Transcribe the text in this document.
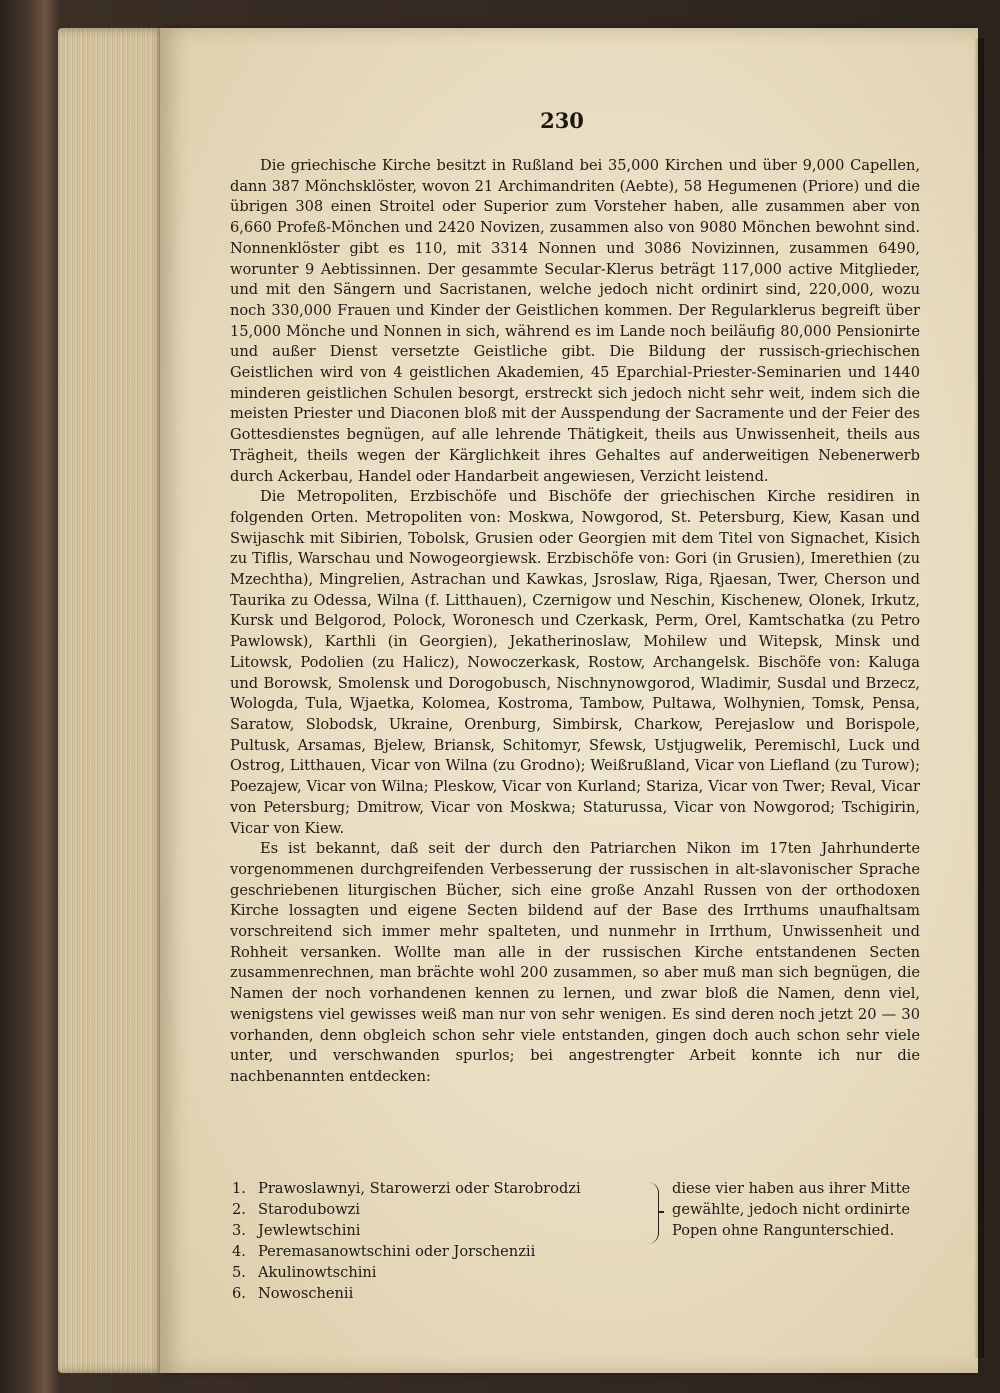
230

Die griechische Kirche besitzt in Rußland bei 35,000 Kirchen und über 9,000 Capellen, dann 387 Mönchsklöster, wovon 21 Archimandriten (Aebte), 58 Hegumenen (Priore) und die übrigen 308 einen Stroitel oder Superior zum Vorsteher haben, alle zusammen aber von 6,660 Profeß-Mönchen und 2420 Novizen, zusammen also von 9080 Mönchen bewohnt sind. Nonnenklöster gibt es 110, mit 3314 Nonnen und 3086 Novizinnen, zusammen 6490, worunter 9 Aebtissinnen. Der gesammte Secular-Klerus beträgt 117,000 active Mitglieder, und mit den Sängern und Sacristanen, welche jedoch nicht ordinirt sind, 220,000, wozu noch 330,000 Frauen und Kinder der Geistlichen kommen. Der Regularklerus begreift über 15,000 Mönche und Nonnen in sich, während es im Lande noch beiläufig 80,000 Pensionirte und außer Dienst versetzte Geistliche gibt. Die Bildung der russisch-griechischen Geistlichen wird von 4 geistlichen Akademien, 45 Eparchial-Priester-Seminarien und 1440 minderen geistlichen Schulen besorgt, erstreckt sich jedoch nicht sehr weit, indem sich die meisten Priester und Diaconen bloß mit der Ausspendung der Sacramente und der Feier des Gottesdienstes begnügen, auf alle lehrende Thätigkeit, theils aus Unwissenheit, theils aus Trägheit, theils wegen der Kärglichkeit ihres Gehaltes auf anderweitigen Nebenerwerb durch Ackerbau, Handel oder Handarbeit angewiesen, Verzicht leistend.

Die Metropoliten, Erzbischöfe und Bischöfe der griechischen Kirche residiren in folgenden Orten. Metropoliten von: Moskwa, Nowgorod, St. Petersburg, Kiew, Kasan und Swijaschk mit Sibirien, Tobolsk, Grusien oder Georgien mit dem Titel von Signachet, Kisich zu Tiflis, Warschau und Nowogeorgiewsk. Erzbischöfe von: Gori (in Grusien), Imerethien (zu Mzechtha), Mingrelien, Astrachan und Kawkas, Jsroslaw, Riga, Rjaesan, Twer, Cherson und Taurika zu Odessa, Wilna (f. Litthauen), Czernigow und Neschin, Kischenew, Olonek, Irkutz, Kursk und Belgorod, Polock, Woronesch und Czerkask, Perm, Orel, Kamtschatka (zu Petro Pawlowsk), Karthli (in Georgien), Jekatherinoslaw, Mohilew und Witepsk, Minsk und Litowsk, Podolien (zu Halicz), Nowoczerkask, Rostow, Archangelsk. Bischöfe von: Kaluga und Borowsk, Smolensk und Dorogobusch, Nischnynowgorod, Wladimir, Susdal und Brzecz, Wologda, Tula, Wjaetka, Kolomea, Kostroma, Tambow, Pultawa, Wolhynien, Tomsk, Pensa, Saratow, Slobodsk, Ukraine, Orenburg, Simbirsk, Charkow, Perejaslow und Borispole, Pultusk, Arsamas, Bjelew, Briansk, Schitomyr, Sfewsk, Ustjugwelik, Peremischl, Luck und Ostrog, Litthauen, Vicar von Wilna (zu Grodno); Weißrußland, Vicar von Liefland (zu Turow); Poezajew, Vicar von Wilna; Pleskow, Vicar von Kurland; Stariza, Vicar von Twer; Reval, Vicar von Petersburg; Dmitrow, Vicar von Moskwa; Staturussa, Vicar von Nowgorod; Tschigirin, Vicar von Kiew.

Es ist bekannt, daß seit der durch den Patriarchen Nikon im 17ten Jahrhunderte vorgenommenen durchgreifenden Verbesserung der russischen in alt-slavonischer Sprache geschriebenen liturgischen Bücher, sich eine große Anzahl Russen von der orthodoxen Kirche lossagten und eigene Secten bildend auf der Base des Irrthums unaufhaltsam vorschreitend sich immer mehr spalteten, und nunmehr in Irrthum, Unwissenheit und Rohheit versanken. Wollte man alle in der russischen Kirche entstandenen Secten zusammenrechnen, man brächte wohl 200 zusammen, so aber muß man sich begnügen, die Namen der noch vorhandenen kennen zu lernen, und zwar bloß die Namen, denn viel, wenigstens viel gewisses weiß man nur von sehr wenigen. Es sind deren noch jetzt 20 — 30 vorhanden, denn obgleich schon sehr viele entstanden, gingen doch auch schon sehr viele unter, und verschwanden spurlos; bei angestrengter Arbeit konnte ich nur die nachbenannten entdecken:

1. Prawoslawnyi, Starowerzi oder Starobrodzi
2. Starodubowzi
3. Jewlewtschini
4. Peremasanowtschini oder Jorschenzii
5. Akulinowtschini
6. Nowoschenii
diese vier haben aus ihrer Mitte gewählte, jedoch nicht ordinirte Popen ohne Rangunterschied.
